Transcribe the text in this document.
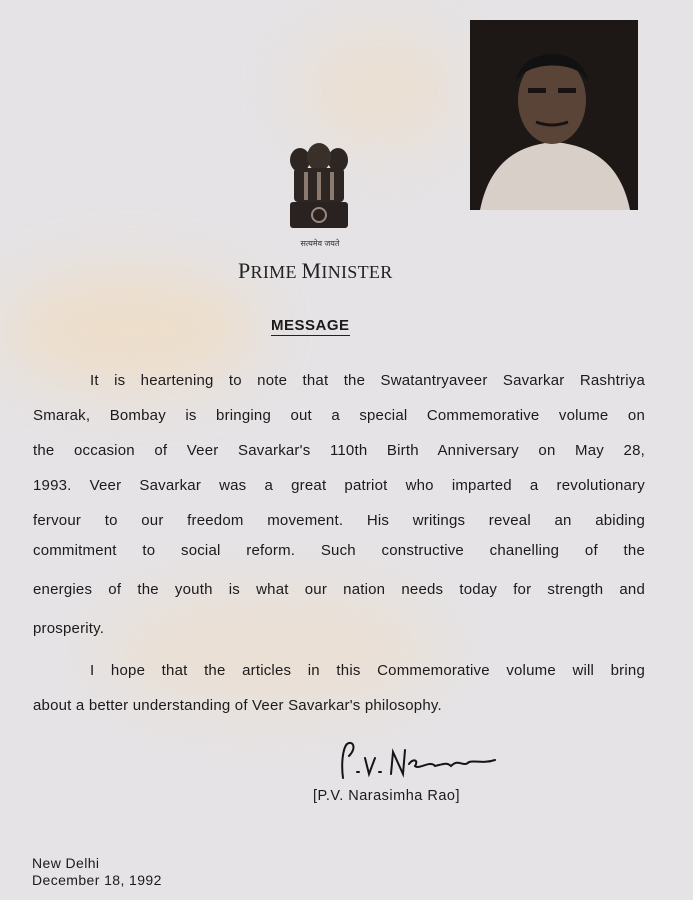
सत्यमेव जयते
PRIME MINISTER
MESSAGE
It is heartening to note that the Swatantryaveer Savarkar Rashtriya
Smarak, Bombay is bringing out a special Commemorative volume on
the occasion of Veer Savarkar's 110th Birth Anniversary on May 28,
1993. Veer Savarkar was a great patriot who imparted a revolutionary
fervour to our freedom movement. His writings reveal an abiding
commitment to social reform. Such constructive chanelling of the
energies of the youth is what our nation needs today for strength and
prosperity.
I hope that the articles in this Commemorative volume will bring
about a better understanding of Veer Savarkar's philosophy.
[P.V. Narasimha Rao]
New Delhi
December 18, 1992
